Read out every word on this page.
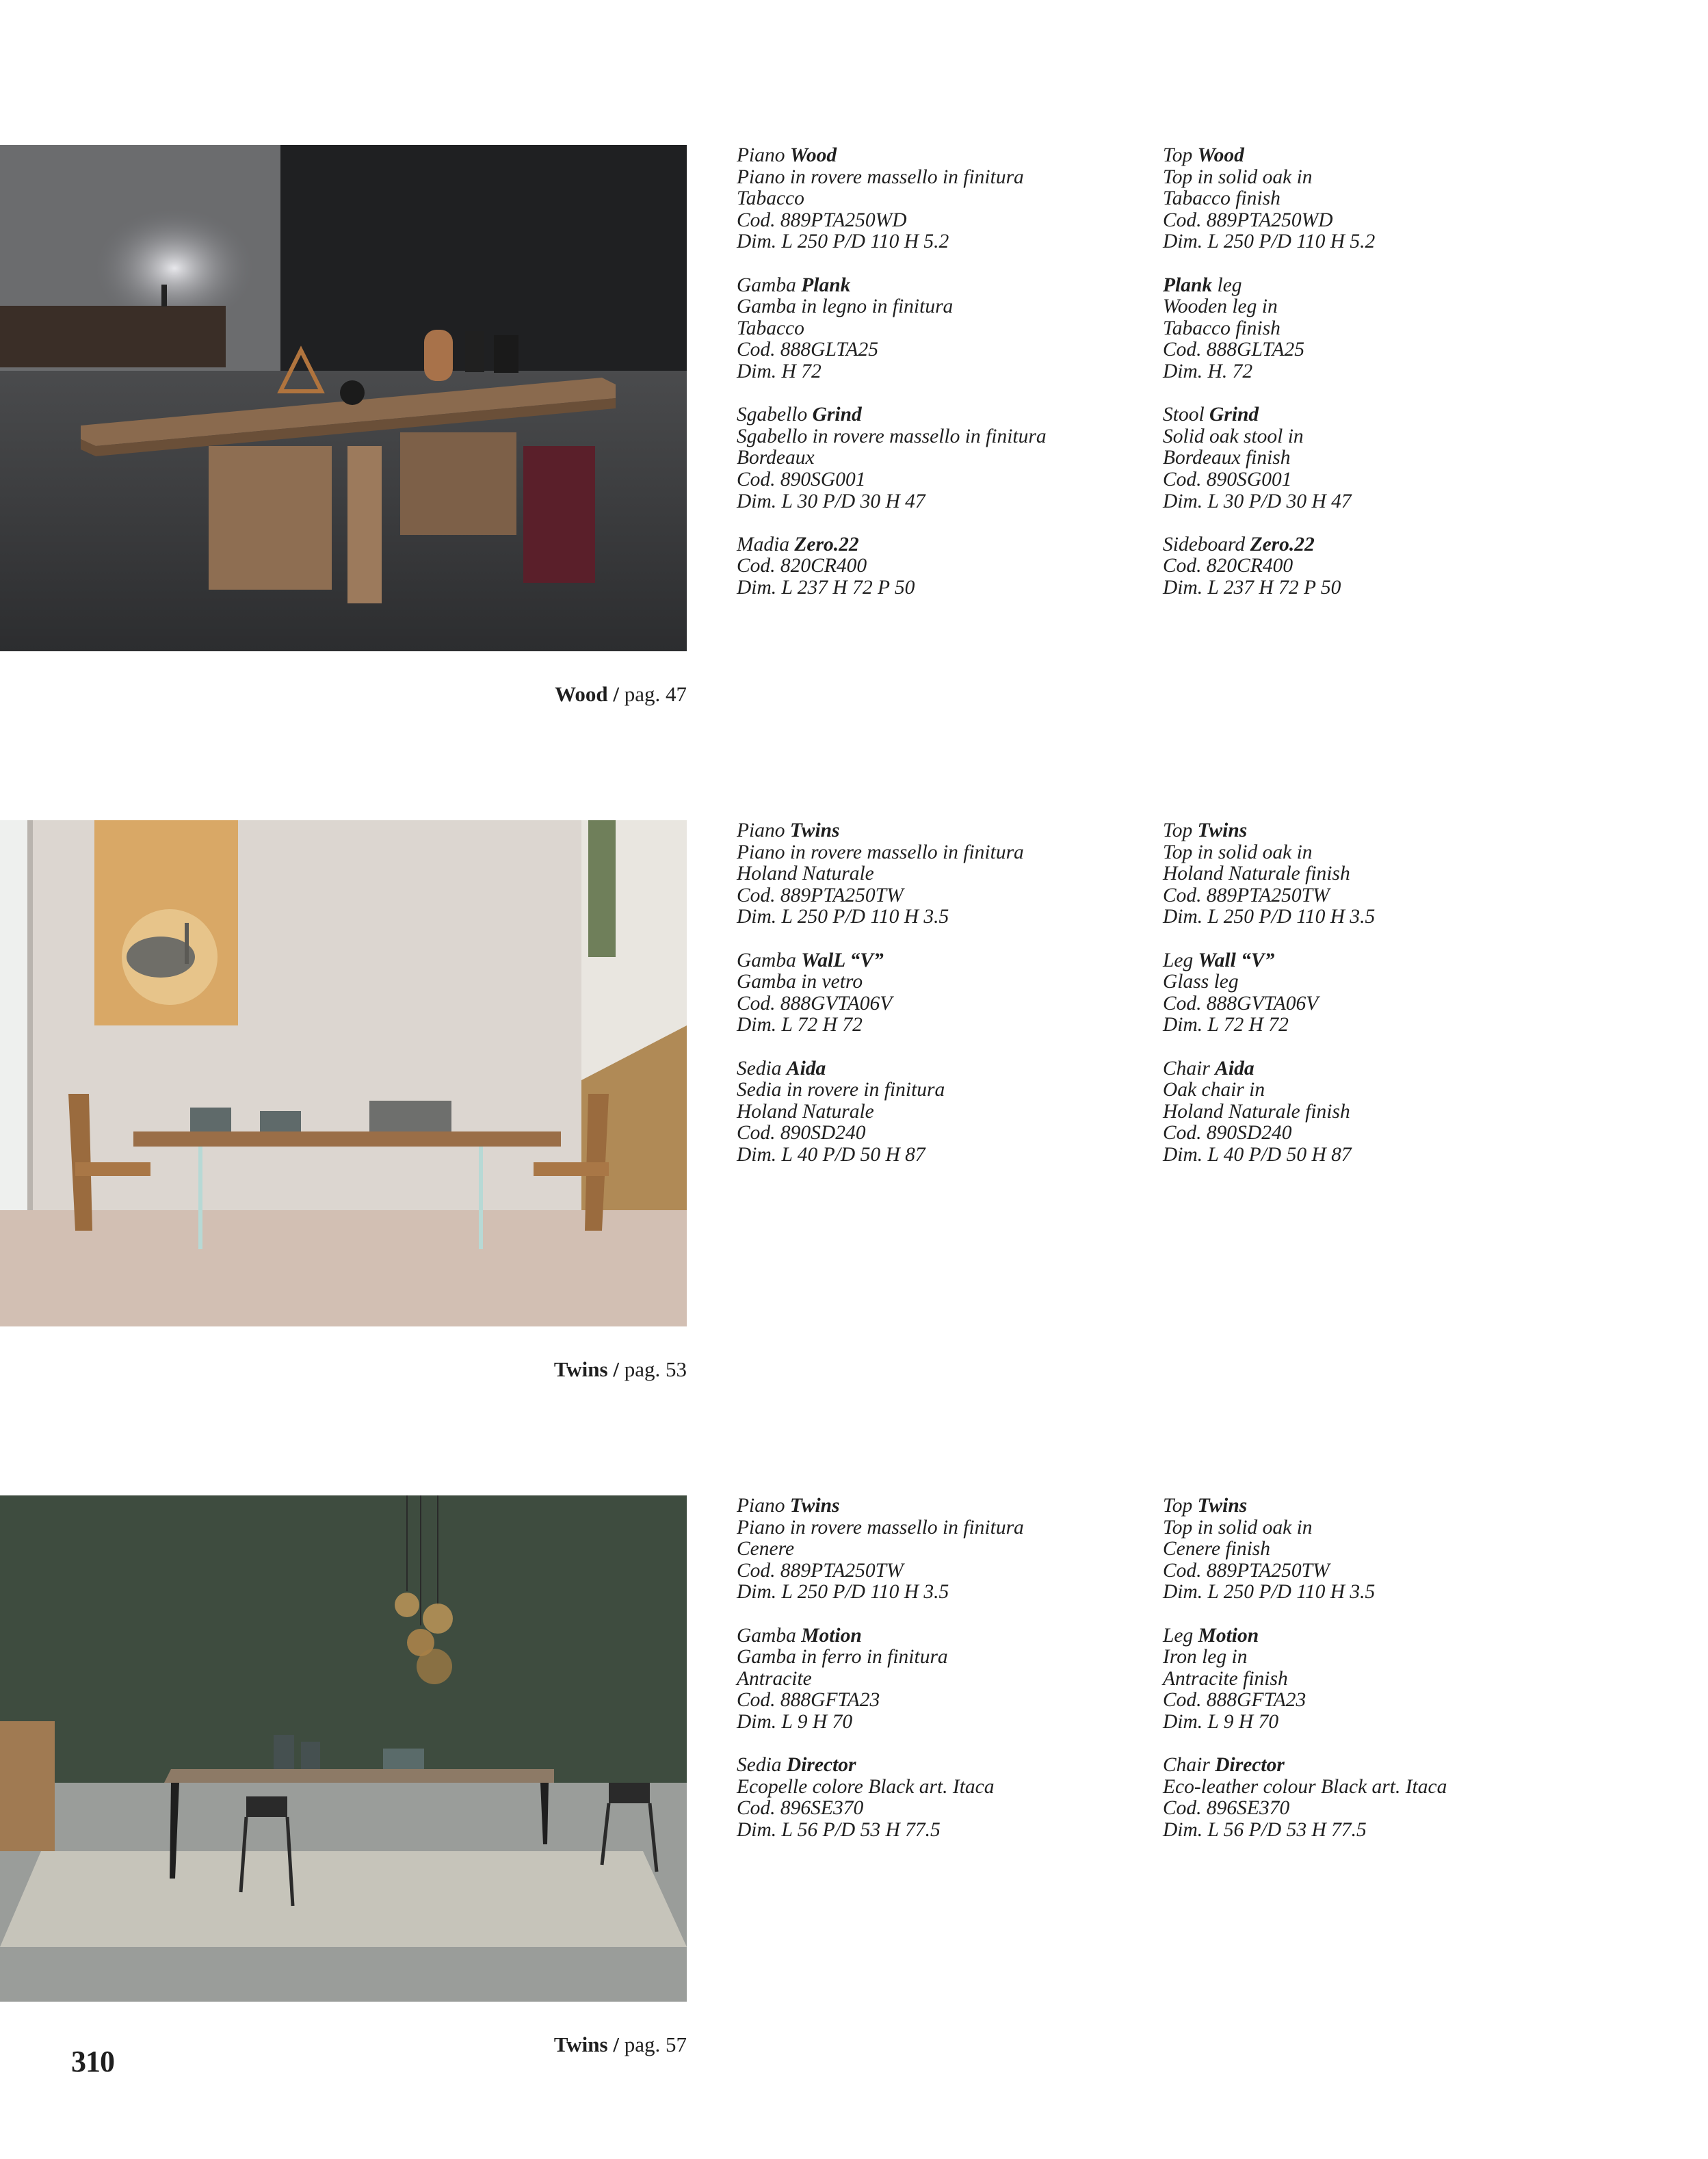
Wood / pag. 47
Piano Wood
Piano in rovere massello in finitura
Tabacco
Cod. 889PTA250WD
Dim. L 250 P/D 110 H 5.2
Gamba Plank
Gamba in legno in finitura
Tabacco
Cod. 888GLTA25
Dim. H 72
Sgabello Grind
Sgabello in rovere massello in finitura
Bordeaux
Cod. 890SG001
Dim. L 30 P/D 30 H 47
Madia Zero.22
Cod. 820CR400
Dim. L 237 H 72 P 50
Top Wood
Top in solid oak in
Tabacco finish
Cod. 889PTA250WD
Dim. L 250 P/D 110 H 5.2
Plank leg
Wooden leg in
Tabacco finish
Cod. 888GLTA25
Dim. H. 72
Stool Grind
Solid oak stool in
Bordeaux finish
Cod. 890SG001
Dim. L 30 P/D 30 H 47
Sideboard Zero.22
Cod. 820CR400
Dim. L 237 H 72 P 50
Twins / pag. 53
Piano Twins
Piano in rovere massello in finitura
Holand Naturale
Cod. 889PTA250TW
Dim. L 250 P/D 110 H 3.5
Gamba WalL “V”
Gamba in vetro
Cod. 888GVTA06V
Dim. L 72 H 72
Sedia Aida
Sedia in rovere in finitura
Holand Naturale
Cod. 890SD240
Dim. L 40 P/D 50 H 87
Top Twins
Top in solid oak in
Holand Naturale finish
Cod. 889PTA250TW
Dim. L 250 P/D 110 H 3.5
Leg Wall “V”
Glass leg
Cod. 888GVTA06V
Dim. L 72 H 72
Chair Aida
Oak chair in
Holand Naturale finish
Cod. 890SD240
Dim. L 40 P/D 50 H 87
Twins / pag. 57
Piano Twins
Piano in rovere massello in finitura
Cenere
Cod. 889PTA250TW
Dim. L 250 P/D 110 H 3.5
Gamba Motion
Gamba in ferro in finitura
Antracite
Cod. 888GFTA23
Dim. L 9 H 70
Sedia Director
Ecopelle colore Black art. Itaca
Cod. 896SE370
Dim. L 56 P/D 53 H 77.5
Top Twins
Top in solid oak in
Cenere finish
Cod. 889PTA250TW
Dim. L 250 P/D 110 H 3.5
Leg Motion
Iron leg in
Antracite finish
Cod. 888GFTA23
Dim. L 9 H 70
Chair Director
Eco-leather colour Black art. Itaca
Cod. 896SE370
Dim. L 56 P/D 53 H 77.5
310
